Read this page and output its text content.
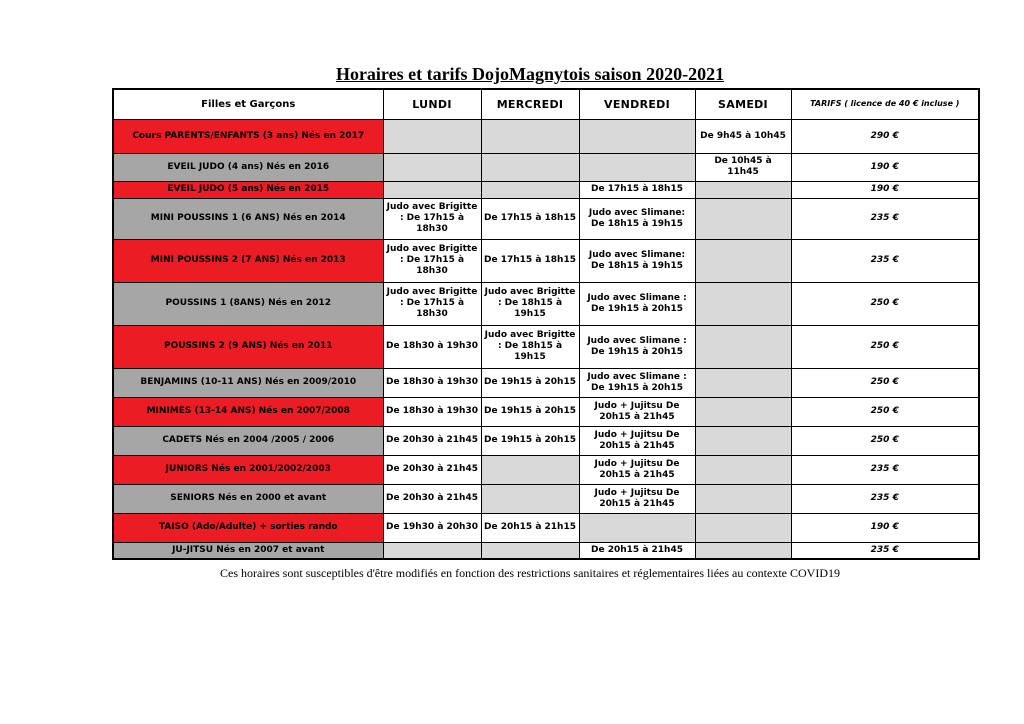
Horaires et tarifs DojoMagnytois saison 2020-2021
Filles et Garçons	LUNDI	MERCREDI	VENDREDI	SAMEDI	TARIFS ( licence de 40 € incluse )
Cours PARENTS/ENFANTS (3 ans) Nés en 2017				De 9h45 à 10h45	290 €
EVEIL JUDO (4 ans) Nés en 2016				De 10h45 à 11h45	190 €
EVEIL JUDO (5 ans) Nés en 2015			De 17h15 à 18h15		190 €
MINI POUSSINS 1 (6 ANS) Nés en 2014	Judo avec Brigitte : De 17h15 à 18h30	De 17h15 à 18h15	Judo avec Slimane: De 18h15 à 19h15		235 €
MINI POUSSINS 2 (7 ANS) Nés en 2013	Judo avec Brigitte : De 17h15 à 18h30	De 17h15 à 18h15	Judo avec Slimane: De 18h15 à 19h15		235 €
POUSSINS 1 (8ANS) Nés en 2012	Judo avec Brigitte : De 17h15 à 18h30	Judo avec Brigitte : De 18h15 à 19h15	Judo avec Slimane : De 19h15 à 20h15		250 €
POUSSINS 2 (9 ANS) Nés en 2011	De 18h30 à 19h30	Judo avec Brigitte : De 18h15 à 19h15	Judo avec Slimane : De 19h15 à 20h15		250 €
BENJAMINS (10-11 ANS) Nés en 2009/2010	De 18h30 à 19h30	De 19h15 à 20h15	Judo avec Slimane : De 19h15 à 20h15		250 €
MINIMES (13-14 ANS) Nés en 2007/2008	De 18h30 à 19h30	De 19h15 à 20h15	Judo + Jujitsu De 20h15 à 21h45		250 €
CADETS Nés en 2004 /2005 / 2006	De 20h30 à 21h45	De 19h15 à 20h15	Judo + Jujitsu De 20h15 à 21h45		250 €
JUNIORS Nés en 2001/2002/2003	De 20h30 à 21h45		Judo + Jujitsu De 20h15 à 21h45		235 €
SENIORS Nés en 2000 et avant	De 20h30 à 21h45		Judo + Jujitsu De 20h15 à 21h45		235 €
TAISO (Ado/Adulte) + sorties rando	De 19h30 à 20h30	De 20h15 à 21h15			190 €
JU-JITSU Nés en 2007 et avant			De 20h15 à 21h45		235 €
Ces horaires sont susceptibles d'être modifiés en fonction des restrictions sanitaires et réglementaires liées au contexte COVID19
